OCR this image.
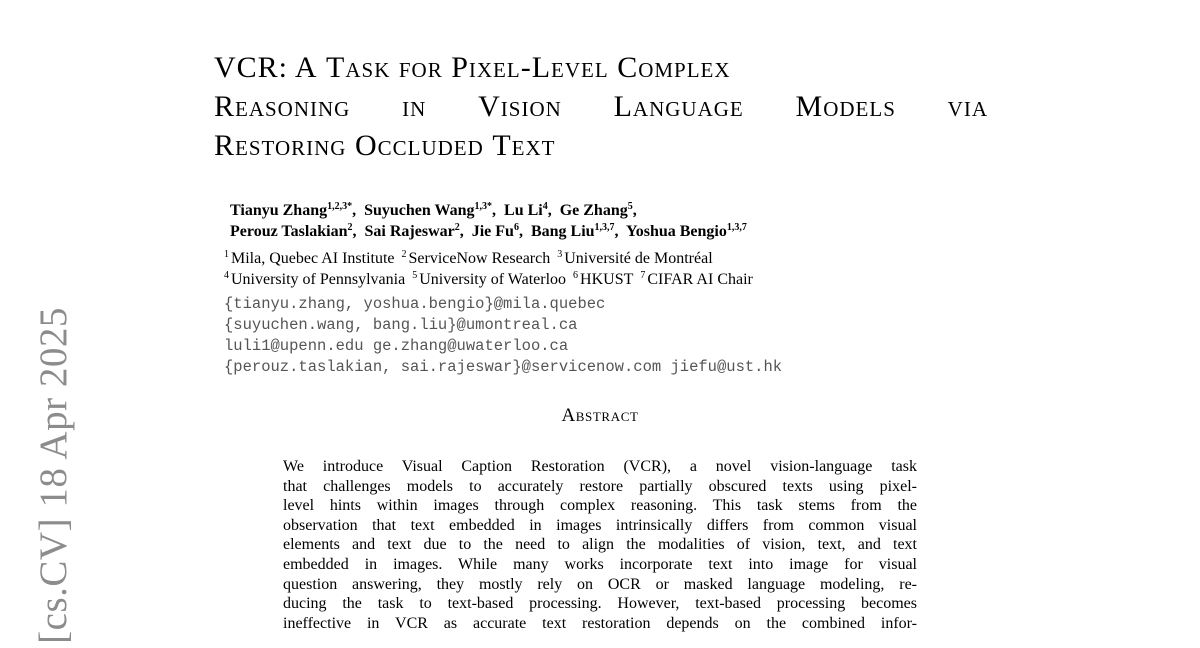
[cs.CV] 18 Apr 2025
VCR: A Task for Pixel-Level Complex
Reasoning in Vision Language Models via
Restoring Occluded Text
Tianyu Zhang$^{1,2,3*}$,  Suyuchen Wang$^{1,3*}$,  Lu Li$^4$,  Ge Zhang$^5$,
Perouz Taslakian$^2$,  Sai Rajeswar$^2$,  Jie Fu$^6$,  Bang Liu$^{1,3,7}$,  Yoshua Bengio$^{1,3,7}$
$^1$ Mila, Quebec AI Institute $^2$ ServiceNow Research $^3$ Université de Montréal
$^4$ University of Pennsylvania $^5$ University of Waterloo $^6$ HKUST $^7$ CIFAR AI Chair
{tianyu.zhang, yoshua.bengio}@mila.quebec
{suyuchen.wang, bang.liu}@umontreal.ca
luli1@upenn.edu ge.zhang@uwaterloo.ca
{perouz.taslakian, sai.rajeswar}@servicenow.com jiefu@ust.hk
Abstract
We introduce Visual Caption Restoration (VCR), a novel vision-language task
that challenges models to accurately restore partially obscured texts using pixel-
level hints within images through complex reasoning. This task stems from the
observation that text embedded in images intrinsically differs from common visual
elements and text due to the need to align the modalities of vision, text, and text
embedded in images. While many works incorporate text into image for visual
question answering, they mostly rely on OCR or masked language modeling, re-
ducing the task to text-based processing. However, text-based processing becomes
ineffective in VCR as accurate text restoration depends on the combined infor-
